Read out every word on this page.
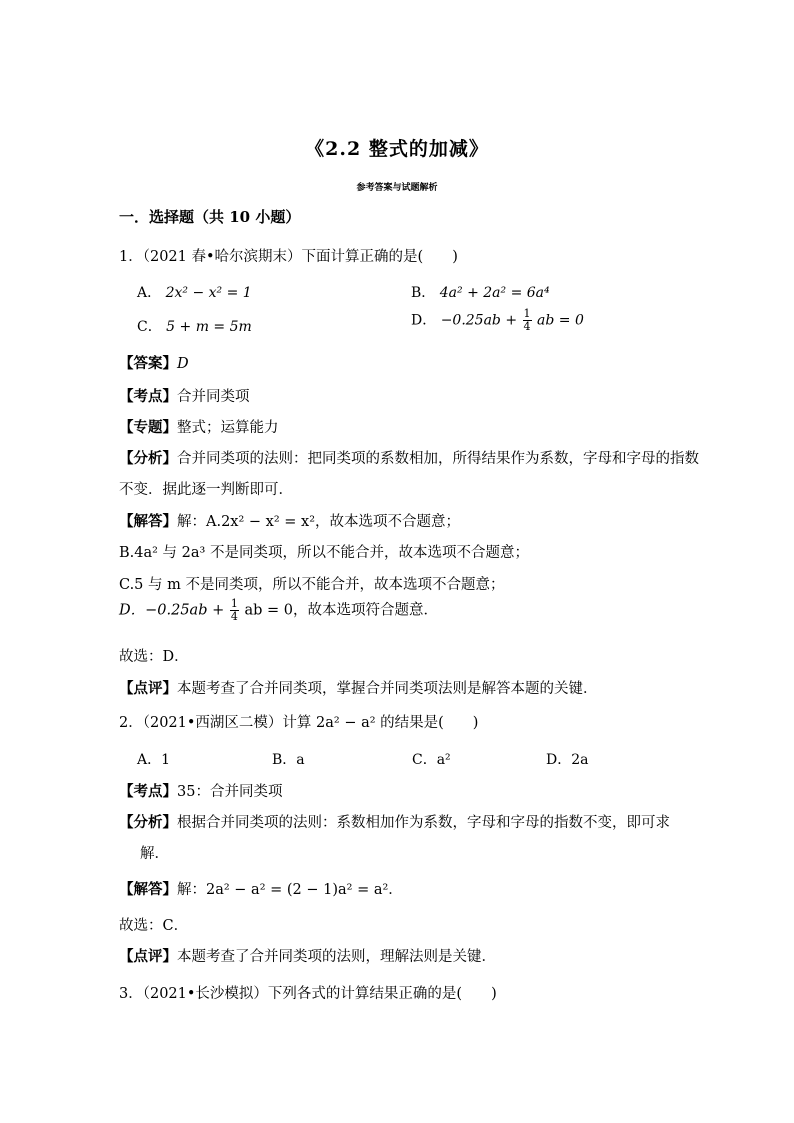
《2.2 整式的加减》
参考答案与试题解析
一．选择题（共 10 小题）
1．（2021 春•哈尔滨期末）下面计算正确的是(　　)
A． 2x² − x² = 1	B． 4a² + 2a² = 6a⁴
C． 5 + m = 5m	D． $-0.25ab + \frac{1}{4}$ ab = 0
【答案】D
【考点】合并同类项
【专题】整式；运算能力
【分析】合并同类项的法则：把同类项的系数相加，所得结果作为系数，字母和字母的指数
不变．据此逐一判断即可．
【解答】解：A.2x² − x² = x²，故本选项不合题意；
B.4a² 与 2a³ 不是同类项，所以不能合并，故本选项不合题意；
C.5 与 m 不是同类项，所以不能合并，故本选项不合题意；
D．$-0.25ab + \frac{1}{4}$ ab = 0，故本选项符合题意．
故选：D．
【点评】本题考查了合并同类项，掌握合并同类项法则是解答本题的关键．
2．（2021•西湖区二模）计算 2a² − a² 的结果是(　　)
A．1	B．a	C．a²	D．2a
【考点】35：合并同类项
【分析】根据合并同类项的法则：系数相加作为系数，字母和字母的指数不变，即可求
解．
【解答】解：2a² − a² = (2 − 1)a² = a²．
故选：C．
【点评】本题考查了合并同类项的法则，理解法则是关键．
3．（2021•长沙模拟）下列各式的计算结果正确的是(　　)
